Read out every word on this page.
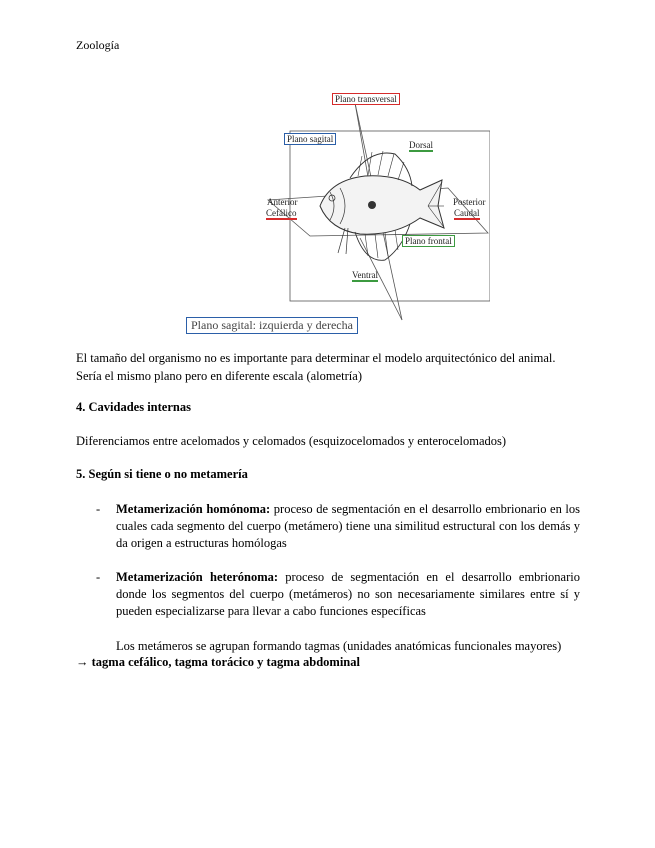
Zoología
Plano transversal
Plano sagital
Dorsal
Anterior
Cefálico
Posterior
Caudal
Plano frontal
Ventral
Plano sagital: izquierda y derecha
El tamaño del organismo no es importante para determinar el modelo arquitectónico del animal. Sería el mismo plano pero en diferente escala (alometría)
4. Cavidades internas
Diferenciamos entre acelomados y celomados (esquizocelomados y enterocelomados)
5. Según si tiene o no metamería
- Metamerización homónoma: proceso de segmentación en el desarrollo embrionario en los cuales cada segmento del cuerpo (metámero) tiene una similitud estructural con los demás y da origen a estructuras homólogas
- Metamerización heterónoma: proceso de segmentación en el desarrollo embrionario donde los segmentos del cuerpo (metámeros) no son necesariamente similares entre sí y pueden especializarse para llevar a cabo funciones específicas
Los metámeros se agrupan formando tagmas (unidades anatómicas funcionales mayores)
→ tagma cefálico, tagma torácico y tagma abdominal
